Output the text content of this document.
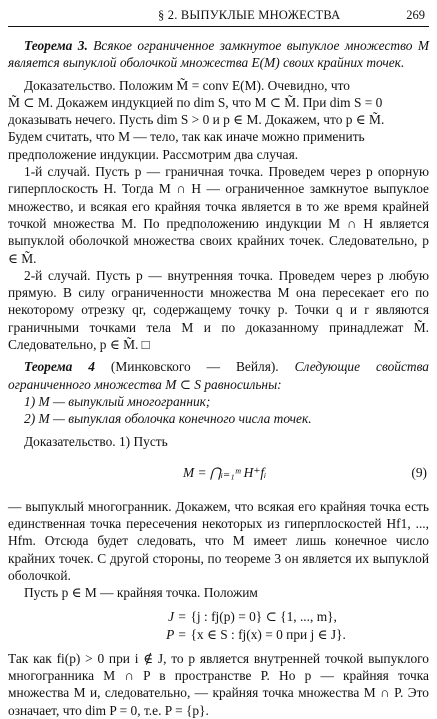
§ 2. ВЫПУКЛЫЕ МНОЖЕСТВА	269

Теорема 3. Всякое ограниченное замкнутое выпуклое множество M является выпуклой оболочкой множества E(M) своих крайних точек.

Доказательство. Положим M̃ = conv E(M). Очевидно, что

M̃ ⊂ M. Докажем индукцией по dim S, что M ⊂ M̃. При dim S = 0

доказывать нечего. Пусть dim S > 0 и p ∈ M. Докажем, что p ∈ M̃.

Будем считать, что M — тело, так как иначе можно применить

предположение индукции. Рассмотрим два случая.

1-й случай. Пусть p — граничная точка. Проведем через p опорную гиперплоскость H. Тогда M ∩ H — ограниченное замкнутое выпуклое множество, и всякая его крайняя точка является в то же время крайней точкой множества M. По предположению индукции M ∩ H является выпуклой оболочкой множества своих крайних точек. Следовательно, p ∈ M̃.

2-й случай. Пусть p — внутренняя точка. Проведем через p любую прямую. В силу ограниченности множества M она пересекает его по некоторому отрезку qr, содержащему точку p. Точки q и r являются граничными точками тела M и по доказанному принадлежат M̃. Следовательно, p ∈ M̃. □

Теорема 4 (Минковского — Вейля). Следующие свойства ограниченного множества M ⊂ S равносильны:

1) M — выпуклый многогранник;

2) M — выпуклая оболочка конечного числа точек.

Доказательство. 1) Пусть

M = ⋂ᵢ₌₁ᵐ H⁺fᵢ	(9)

— выпуклый многогранник. Докажем, что всякая его крайняя точка есть единственная точка пересечения некоторых из гиперплоскостей Hf1, ..., Hfm. Отсюда будет следовать, что M имеет лишь конечное число крайних точек. С другой стороны, по теореме 3 он является их выпуклой оболочкой.

Пусть p ∈ M — крайняя точка. Положим

J = {j : fj(p) = 0} ⊂ {1, ..., m},
P = {x ∈ S : fj(x) = 0 при j ∈ J}.

Так как fi(p) > 0 при i ∉ J, то p является внутренней точкой выпуклого многогранника M ∩ P в пространстве P. Но p — крайняя точка множества M и, следовательно, — крайняя точка множества M ∩ P. Это означает, что dim P = 0, т.е. P = {p}.
